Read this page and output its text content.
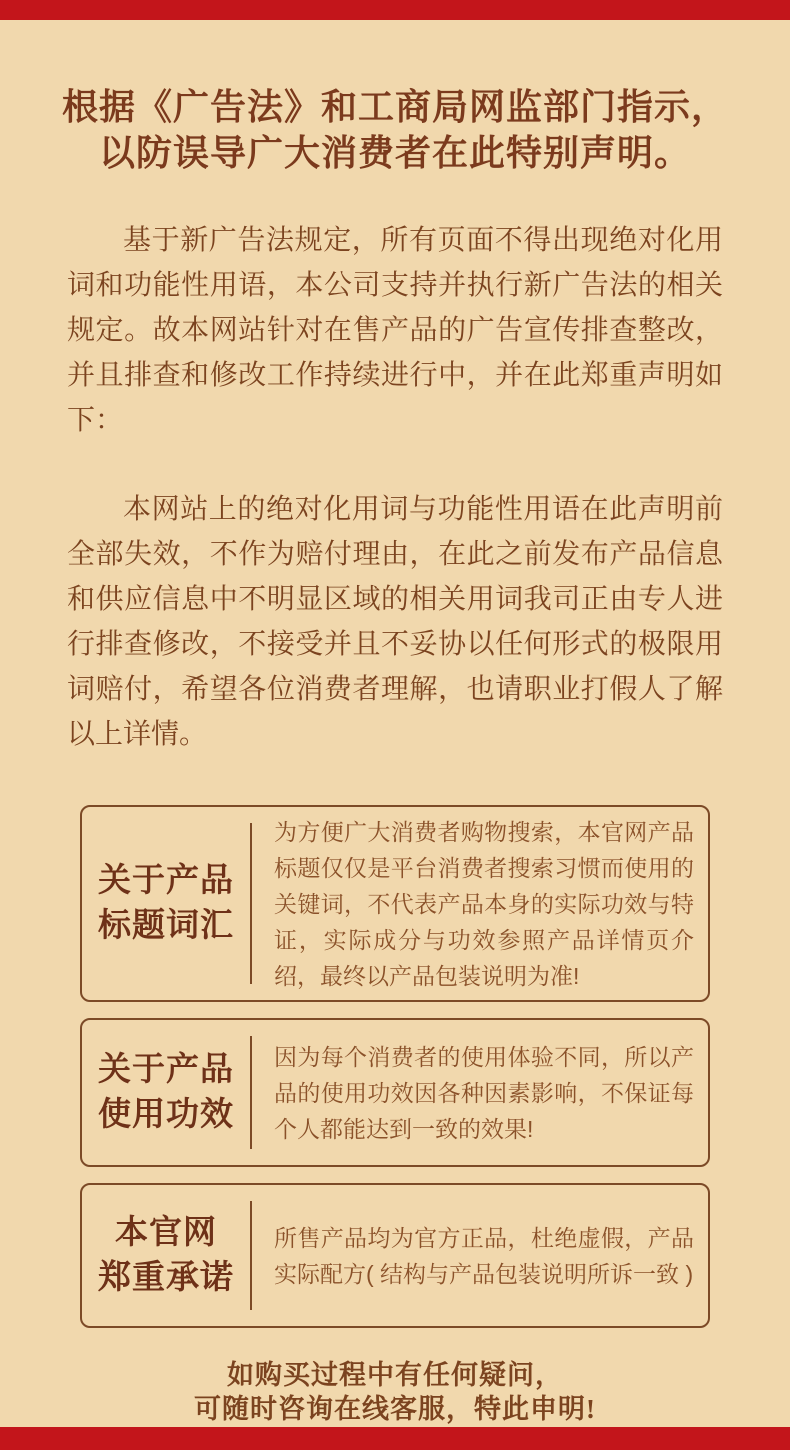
根据《广告法》和工商局网监部门指示，
以防误导广大消费者在此特别声明。

基于新广告法规定，所有页面不得出现绝对化用词和功能性用语，本公司支持并执行新广告法的相关规定。故本网站针对在售产品的广告宣传排查整改，并且排查和修改工作持续进行中，并在此郑重声明如下：

本网站上的绝对化用词与功能性用语在此声明前全部失效，不作为赔付理由，在此之前发布产品信息和供应信息中不明显区域的相关用词我司正由专人进行排查修改，不接受并且不妥协以任何形式的极限用词赔付，希望各位消费者理解，也请职业打假人了解以上详情。

关于产品
标题词汇
为方便广大消费者购物搜索，本官网产品标题仅仅是平台消费者搜索习惯而使用的关键词，不代表产品本身的实际功效与特证，实际成分与功效参照产品详情页介绍，最终以产品包装说明为准!
关于产品
使用功效
因为每个消费者的使用体验不同，所以产品的使用功效因各种因素影响，不保证每个人都能达到一致的效果!
本官网
郑重承诺
所售产品均为官方正品，杜绝虚假，产品实际配方( 结构与产品包装说明所诉一致 )
如购买过程中有任何疑问，
可随时咨询在线客服，特此申明!
